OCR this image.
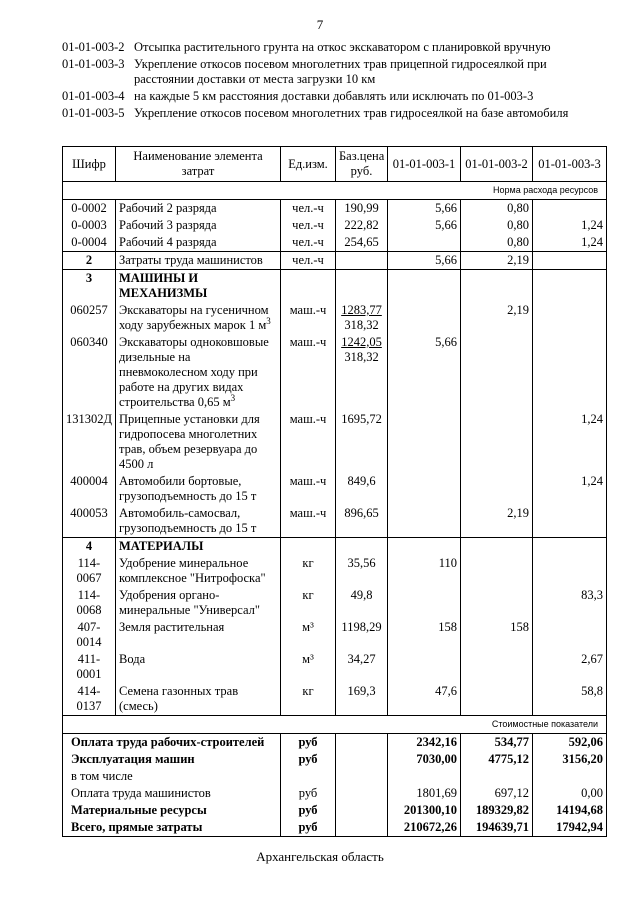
7
01-01-003-2 Отсыпка растительного грунта на откос экскаватором с планировкой вручную
01-01-003-3 Укрепление откосов посевом многолетних трав прицепной гидросеялкой при расстоянии доставки от места загрузки 10 км
01-01-003-4 на каждые 5 км расстояния доставки добавлять или исключать по 01-003-3
01-01-003-5 Укрепление откосов посевом многолетних трав гидросеялкой на базе автомобиля
Шифр	Наименование элемента затрат	Ед.изм.	Баз.цена руб.	01-01-003-1	01-01-003-2	01-01-003-3
Норма расхода ресурсов						
0-0002	Рабочий 2 разряда	чел.-ч	190,99	5,66	0,80	
0-0003	Рабочий 3 разряда	чел.-ч	222,82	5,66	0,80	1,24
0-0004	Рабочий 4 разряда	чел.-ч	254,65		0,80	1,24
2	Затраты труда машинистов	чел.-ч		5,66	2,19	
3	МАШИНЫ И МЕХАНИЗМЫ					
060257	Экскаваторы на гусеничном ходу зарубежных марок 1 $м^3$	маш.-ч	1283,77
318,32		2,19	
060340	Экскаваторы одноковшовые дизельные на пневмоколесном ходу при работе на других видах строительства 0,65 $м^3$	маш.-ч	1242,05
318,32	5,66		
131302Д	Прицепные установки для гидропосева многолетних трав, объем резервуара до 4500 л	маш.-ч	1695,72			1,24
400004	Автомобили бортовые, грузоподъемность до 15 т	маш.-ч	849,6			1,24
400053	Автомобиль-самосвал, грузоподъемность до 15 т	маш.-ч	896,65		2,19	
4	МАТЕРИАЛЫ					
114-0067	Удобрение минеральное комплексное "Нитрофоска"	кг	35,56	110		
114-0068	Удобрения органо-минеральные "Универсал"	кг	49,8			83,3
407-0014	Земля растительная	м³	1198,29	158	158	
411-0001	Вода	м³	34,27			2,67
414-0137	Семена газонных трав (смесь)	кг	169,3	47,6		58,8
Стоимостные показатели						
Оплата труда рабочих-строителей		руб		2342,16	534,77	592,06
Эксплуатация машин		руб		7030,00	4775,12	3156,20
в том числе						
Оплата труда машинистов		руб		1801,69	697,12	0,00
Материальные ресурсы		руб		201300,10	189329,82	14194,68
Всего, прямые затраты		руб		210672,26	194639,71	17942,94
Архангельская область
